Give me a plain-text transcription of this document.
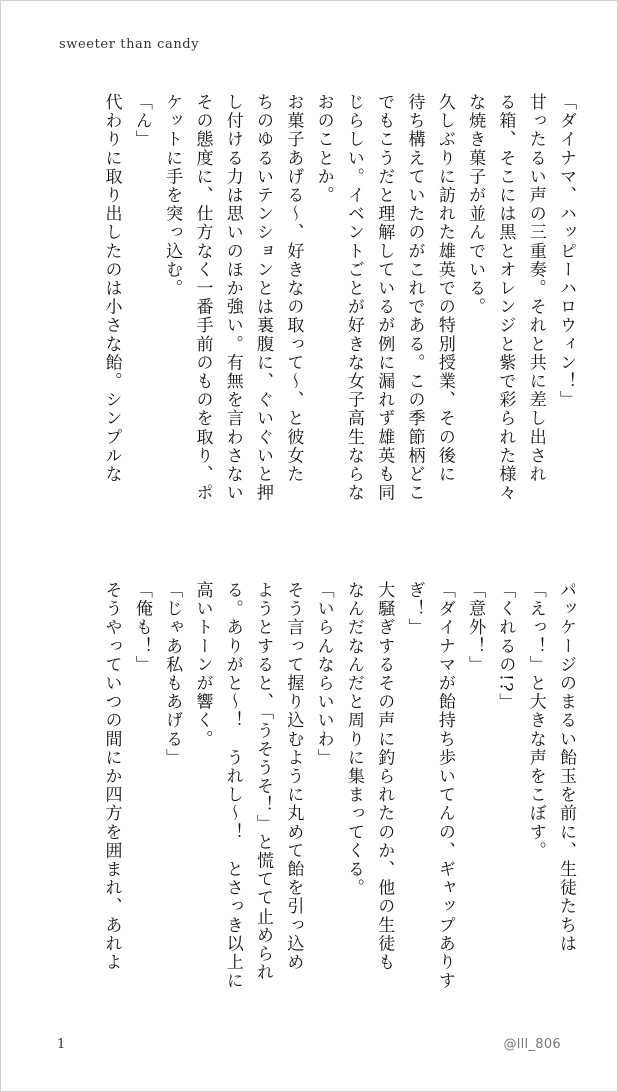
sweeter than candy
「ダイナマ、ハッピーハロウィン！」
甘ったるい声の三重奏。それと共に差し出され
る箱、そこには黒とオレンジと紫で彩られた様々
な焼き菓子が並んでいる。
久しぶりに訪れた雄英での特別授業、その後に
待ち構えていたのがこれである。この季節柄どこ
でもこうだと理解しているが例に漏れず雄英も同
じらしい。イベントごとが好きな女子高生ならな
おのことか。
お菓子あげる〜、好きなの取って〜、と彼女た
ちのゆるいテンションとは裏腹に、ぐいぐいと押
し付ける力は思いのほか強い。有無を言わさない
その態度に、仕方なく一番手前のものを取り、ポ
ケットに手を突っ込む。
「ん」
代わりに取り出したのは小さな飴。シンプルな
パッケージのまるい飴玉を前に、生徒たちは
「えっ！」と大きな声をこぼす。
「くれるの!?」
「意外！」
「ダイナマが飴持ち歩いてんの、ギャップありす
ぎ！」
大騒ぎするその声に釣られたのか、他の生徒も
なんだなんだと周りに集まってくる。
「いらんならいいわ」
そう言って握り込むように丸めて飴を引っ込め
ようとすると、「うそうそ！」と慌てて止められ
る。ありがと〜！　うれし〜！　とさっき以上に
高いトーンが響く。
「じゃあ私もあげる」
「俺も！」
そうやっていつの間にか四方を囲まれ、あれよ
1	@lll_806
